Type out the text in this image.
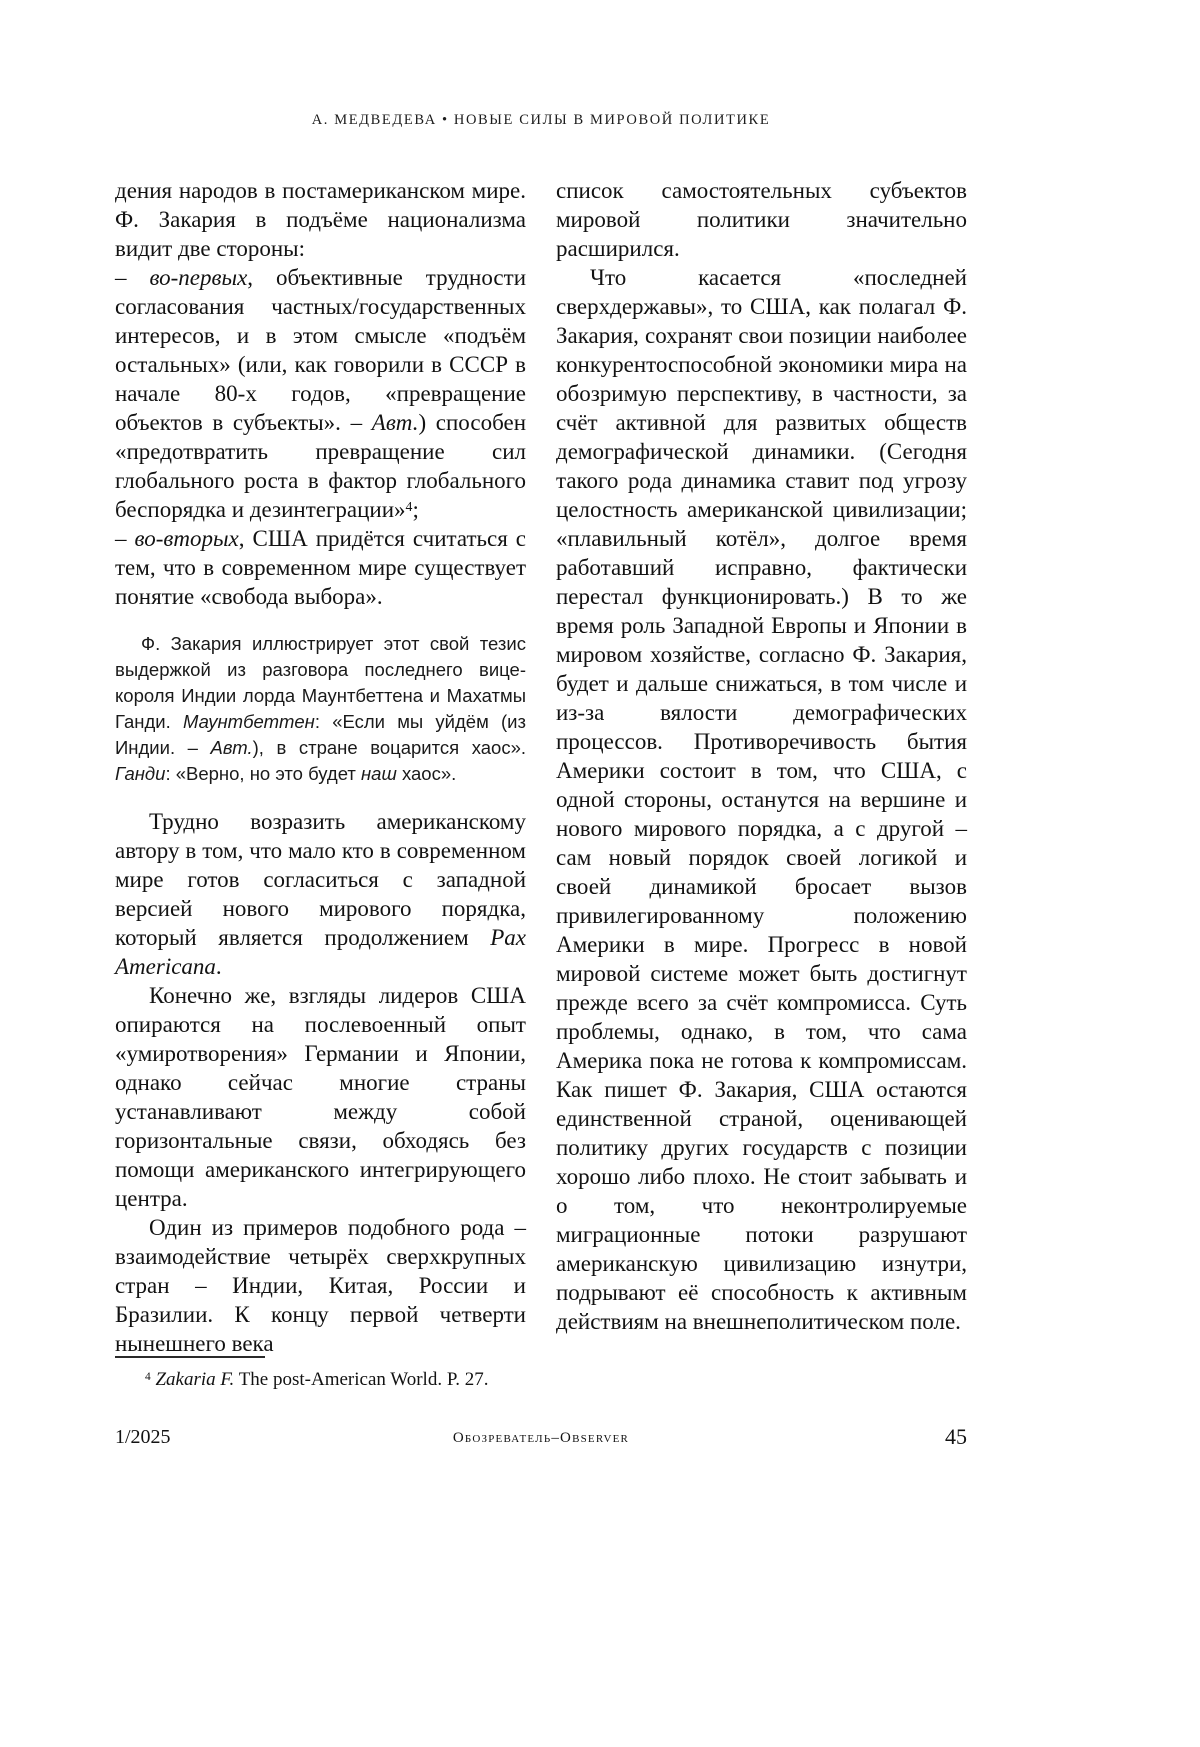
А. МЕДВЕДЕВА • НОВЫЕ СИЛЫ В МИРОВОЙ ПОЛИТИКЕ

дения народов в постамериканском мире. Ф. Закария в подъёме национализма видит две стороны:

– во-первых, объективные трудности согласования частных/государственных интересов, и в этом смысле «подъём остальных» (или, как говорили в СССР в начале 80-х годов, «превращение объектов в субъекты». – Авт.) способен «предотвратить превращение сил глобального роста в фактор глобального беспорядка и дезинтеграции»$^4$;

– во-вторых, США придётся считаться с тем, что в современном мире существует понятие «свобода выбора».

Ф. Закария иллюстрирует этот свой тезис выдержкой из разговора последнего вице-короля Индии лорда Маунтбеттена и Махатмы Ганди. Маунтбеттен: «Если мы уйдём (из Индии. – Авт.), в стране воцарится хаос». Ганди: «Верно, но это будет наш хаос».

Трудно возразить американскому автору в том, что мало кто в современном мире готов согласиться с западной версией нового мирового порядка, который является продолжением Pax Americana.

Конечно же, взгляды лидеров США опираются на послевоенный опыт «умиротворения» Германии и Японии, однако сейчас многие страны устанавливают между собой горизонтальные связи, обходясь без помощи американского интегрирующего центра.

Один из примеров подобного рода – взаимодействие четырёх сверхкрупных стран – Индии, Китая, России и Бразилии. К концу первой четверти нынешнего века

список самостоятельных субъектов мировой политики значительно расширился.

Что касается «последней сверхдержавы», то США, как полагал Ф. Закария, сохранят свои позиции наиболее конкурентоспособной экономики мира на обозримую перспективу, в частности, за счёт активной для развитых обществ демографической динамики. (Сегодня такого рода динамика ставит под угрозу целостность американской цивилизации; «плавильный котёл», долгое время работавший исправно, фактически перестал функционировать.) В то же время роль Западной Европы и Японии в мировом хозяйстве, согласно Ф. Закария, будет и дальше снижаться, в том числе и из-за вялости демографических процессов. Противоречивость бытия Америки состоит в том, что США, с одной стороны, останутся на вершине и нового мирового порядка, а с другой – сам новый порядок своей логикой и своей динамикой бросает вызов привилегированному положению Америки в мире. Прогресс в новой мировой системе может быть достигнут прежде всего за счёт компромисса. Суть проблемы, однако, в том, что сама Америка пока не готова к компромиссам. Как пишет Ф. Закария, США остаются единственной страной, оценивающей политику других государств с позиции хорошо либо плохо. Не стоит забывать и о том, что неконтролируемые миграционные потоки разрушают американскую цивилизацию изнутри, подрывают её способность к активным действиям на внешнеполитическом поле.

$^4$ Zakaria F. The post-American World. P. 27.

1/2025	Обозреватель–Observer	45
